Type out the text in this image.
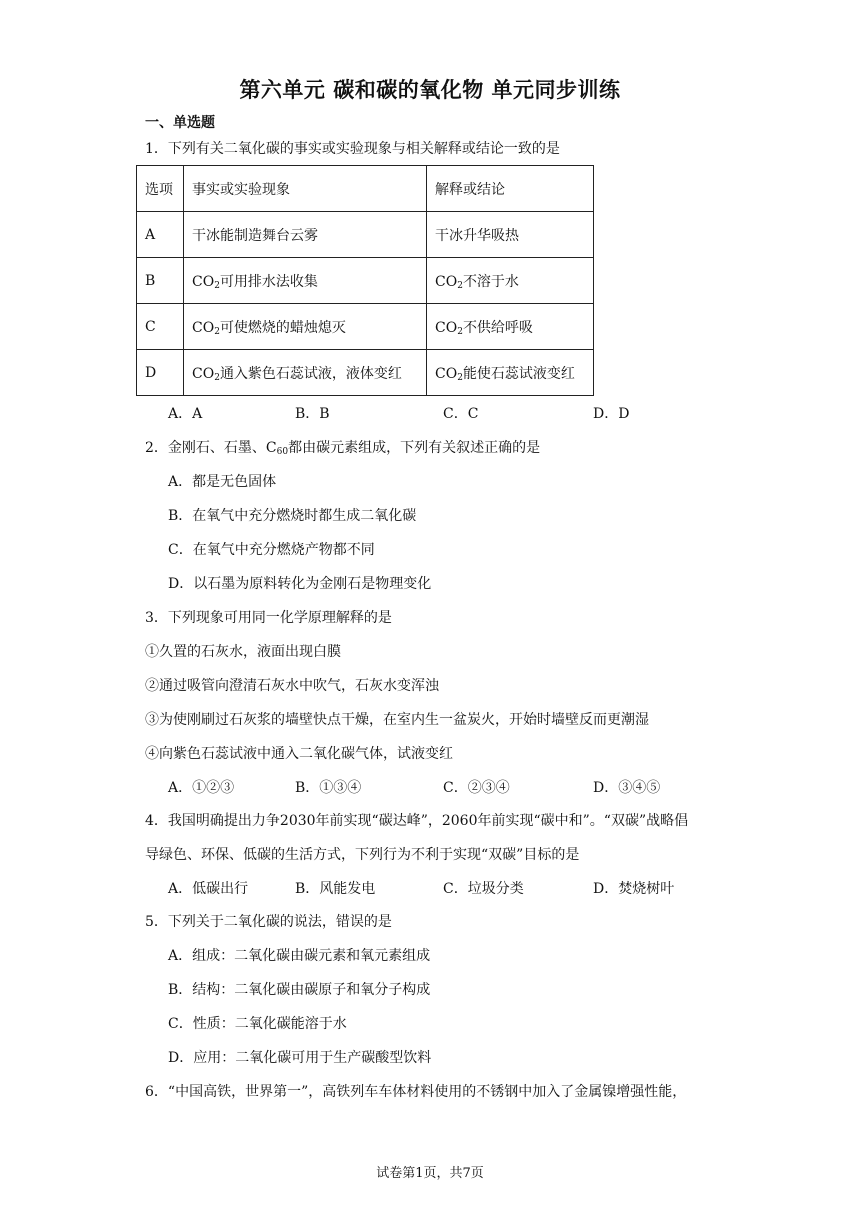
第六单元 碳和碳的氧化物 单元同步训练
一、单选题
1．下列有关二氧化碳的事实或实验现象与相关解释或结论一致的是
选项	事实或实验现象	解释或结论
A	干冰能制造舞台云雾	干冰升华吸热
B	$CO_2$可用排水法收集	$CO_2$不溶于水
C	$CO_2$可使燃烧的蜡烛熄灭	$CO_2$不供给呼吸
D	$CO_2$通入紫色石蕊试液，液体变红	$CO_2$能使石蕊试液变红
A．A	B．B	C．C	D．D
2．金刚石、石墨、$C_{60}$都由碳元素组成，下列有关叙述正确的是
A．都是无色固体
B．在氧气中充分燃烧时都生成二氧化碳
C．在氧气中充分燃烧产物都不同
D．以石墨为原料转化为金刚石是物理变化
3．下列现象可用同一化学原理解释的是
①久置的石灰水，液面出现白膜
②通过吸管向澄清石灰水中吹气，石灰水变浑浊
③为使刚刷过石灰浆的墙壁快点干燥，在室内生一盆炭火，开始时墙壁反而更潮湿
④向紫色石蕊试液中通入二氧化碳气体，试液变红
A．①②③	B．①③④	C．②③④	D．③④⑤
4．我国明确提出力争2030年前实现“碳达峰”，2060年前实现“碳中和”。“双碳”战略倡
导绿色、环保、低碳的生活方式，下列行为不利于实现“双碳”目标的是
A．低碳出行	B．风能发电	C．垃圾分类	D．焚烧树叶
5．下列关于二氧化碳的说法，错误的是
A．组成：二氧化碳由碳元素和氧元素组成
B．结构：二氧化碳由碳原子和氧分子构成
C．性质：二氧化碳能溶于水
D．应用：二氧化碳可用于生产碳酸型饮料
6．“中国高铁，世界第一”，高铁列车车体材料使用的不锈钢中加入了金属镍增强性能，
试卷第1页，共7页
